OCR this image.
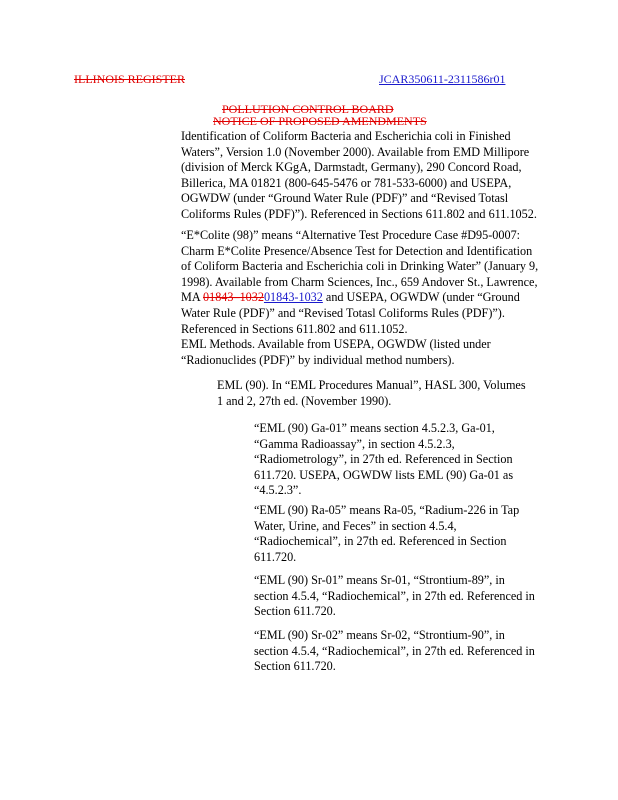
ILLINOIS REGISTER	JCAR350611-2311586r01
POLLUTION CONTROL BOARD
NOTICE OF PROPOSED AMENDMENTS
Identification of Coliform Bacteria and Escherichia coli in Finished
Waters”, Version 1.0 (November 2000). Available from EMD Millipore
(division of Merck KGgA, Darmstadt, Germany), 290 Concord Road,
Billerica, MA 01821 (800-645-5476 or 781-533-6000) and USEPA,
OGWDW (under “Ground Water Rule (PDF)” and “Revised Totasl
Coliforms Rules (PDF)”). Referenced in Sections 611.802 and 611.1052.
“E*Colite (98)” means “Alternative Test Procedure Case #D95-0007:
Charm E*Colite Presence/Absence Test for Detection and Identification
of Coliform Bacteria and Escherichia coli in Drinking Water” (January 9,
1998). Available from Charm Sciences, Inc., 659 Andover St., Lawrence,
MA 01843–103201843-1032 and USEPA, OGWDW (under “Ground
Water Rule (PDF)” and “Revised Totasl Coliforms Rules (PDF)”).
Referenced in Sections 611.802 and 611.1052.
EML Methods. Available from USEPA, OGWDW (listed under
“Radionuclides (PDF)” by individual method numbers).
EML (90). In “EML Procedures Manual”, HASL 300, Volumes
1 and 2, 27th ed. (November 1990).
“EML (90) Ga-01” means section 4.5.2.3, Ga-01,
“Gamma Radioassay”, in section 4.5.2.3,
“Radiometrology”, in 27th ed. Referenced in Section
611.720. USEPA, OGWDW lists EML (90) Ga-01 as
“4.5.2.3”.
“EML (90) Ra-05” means Ra-05, “Radium-226 in Tap
Water, Urine, and Feces” in section 4.5.4,
“Radiochemical”, in 27th ed. Referenced in Section
611.720.
“EML (90) Sr-01” means Sr-01, “Strontium-89”, in
section 4.5.4, “Radiochemical”, in 27th ed. Referenced in
Section 611.720.
“EML (90) Sr-02” means Sr-02, “Strontium-90”, in
section 4.5.4, “Radiochemical”, in 27th ed. Referenced in
Section 611.720.
